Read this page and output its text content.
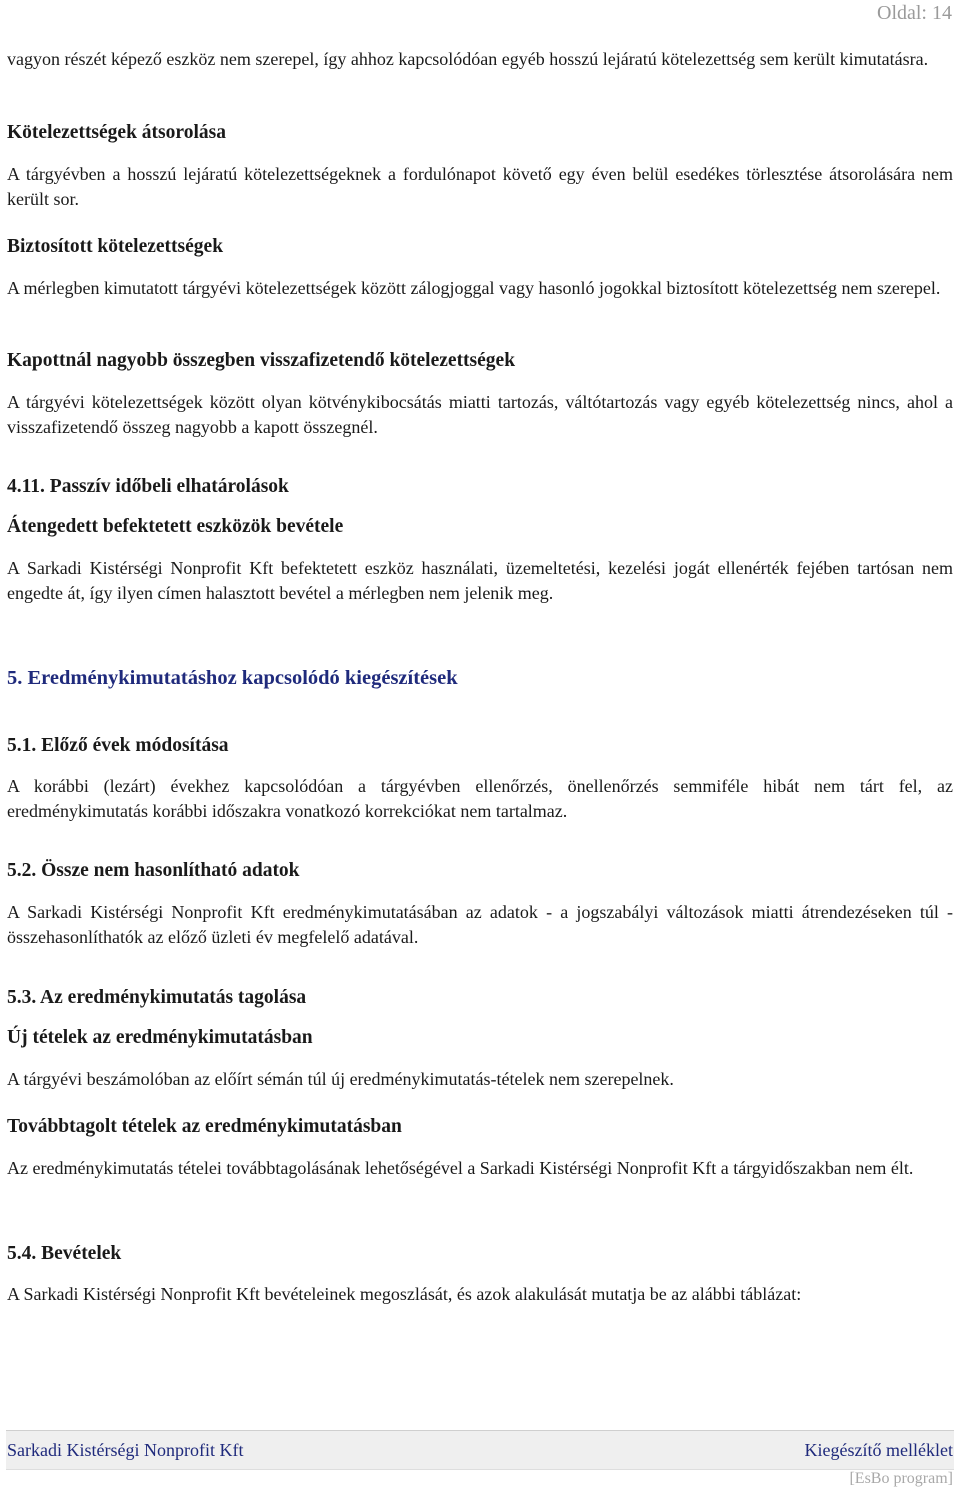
Oldal: 14

vagyon részét képező eszköz nem szerepel, így ahhoz kapcsolódóan egyéb hosszú lejáratú kötelezettség sem került kimutatásra.

Kötelezettségek átsorolása

A tárgyévben a hosszú lejáratú kötelezettségeknek a fordulónapot követő egy éven belül esedékes törlesztése átsorolására nem került sor.

Biztosított kötelezettségek

A mérlegben kimutatott tárgyévi kötelezettségek között zálogjoggal vagy hasonló jogokkal biztosított kötelezettség nem szerepel.

Kapottnál nagyobb összegben visszafizetendő kötelezettségek

A tárgyévi kötelezettségek között olyan kötvénykibocsátás miatti tartozás, váltótartozás vagy egyéb kötelezettség nincs, ahol a visszafizetendő összeg nagyobb a kapott összegnél.

4.11. Passzív időbeli elhatárolások
Átengedett befektetett eszközök bevétele

A Sarkadi Kistérségi Nonprofit Kft befektetett eszköz használati, üzemeltetési, kezelési jogát ellenérték fejében tartósan nem engedte át, így ilyen címen halasztott bevétel a mérlegben nem jelenik meg.

5. Eredménykimutatáshoz kapcsolódó kiegészítések
5.1. Előző évek módosítása

A korábbi (lezárt) évekhez kapcsolódóan a tárgyévben ellenőrzés, önellenőrzés semmiféle hibát nem tárt fel, az eredménykimutatás korábbi időszakra vonatkozó korrekciókat nem tartalmaz.

5.2. Össze nem hasonlítható adatok

A Sarkadi Kistérségi Nonprofit Kft eredménykimutatásában az adatok - a jogszabályi változások miatti átrendezéseken túl - összehasonlíthatók az előző üzleti év megfelelő adatával.

5.3. Az eredménykimutatás tagolása
Új tételek az eredménykimutatásban

A tárgyévi beszámolóban az előírt sémán túl új eredménykimutatás-tételek nem szerepelnek.

Továbbtagolt tételek az eredménykimutatásban

Az eredménykimutatás tételei továbbtagolásának lehetőségével a Sarkadi Kistérségi Nonprofit Kft a tárgyidőszakban nem élt.

5.4. Bevételek

A Sarkadi Kistérségi Nonprofit Kft bevételeinek megoszlását, és azok alakulását mutatja be az alábbi táblázat:

Sarkadi Kistérségi Nonprofit Kft	Kiegészítő melléklet
[EsBo program]
